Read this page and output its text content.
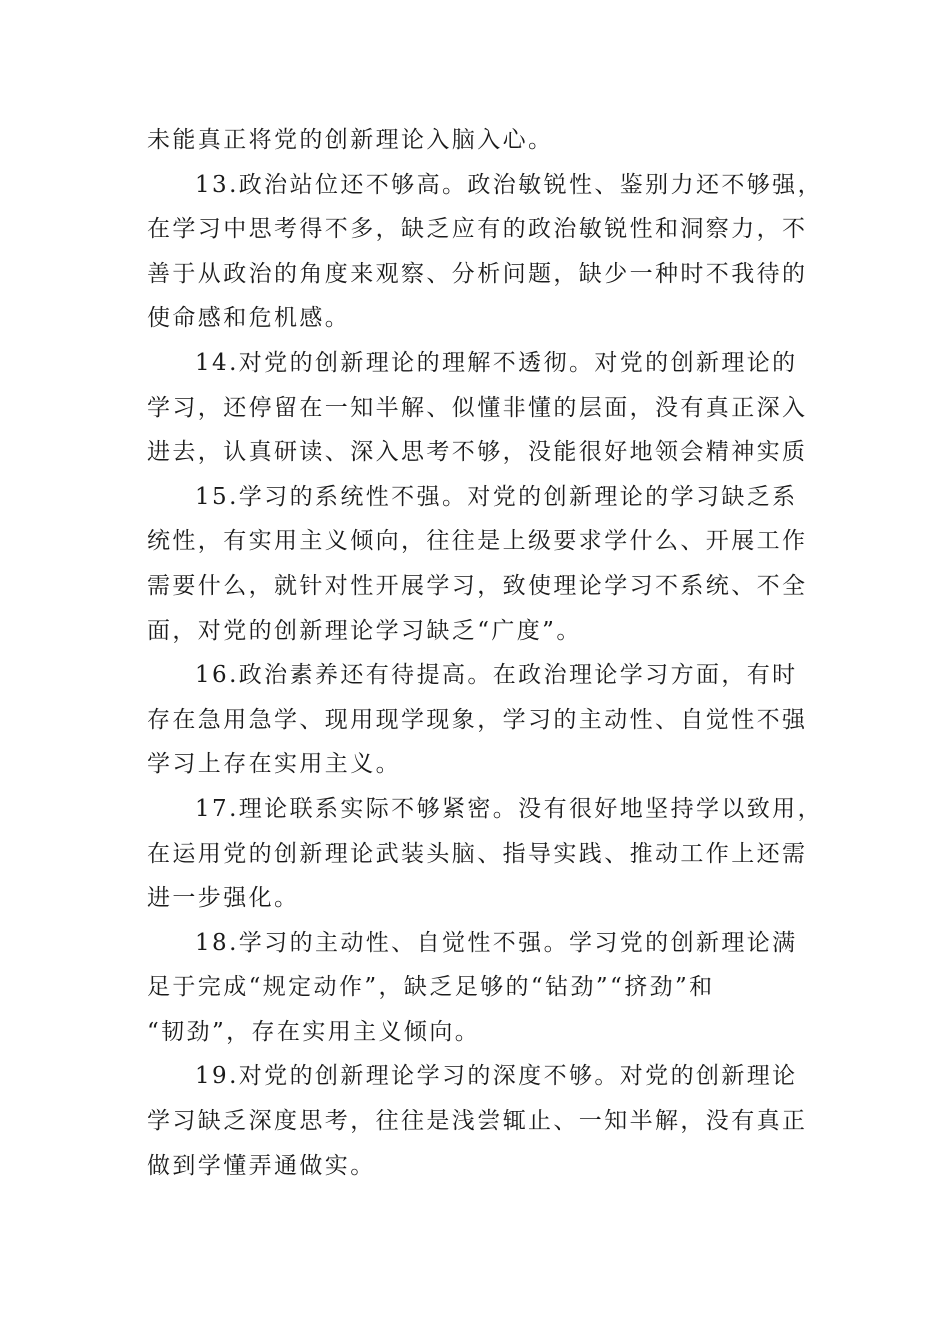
未能真正将党的创新理论入脑入心。

13.政治站位还不够高。政治敏锐性、鉴别力还不够强，
在学习中思考得不多，缺乏应有的政治敏锐性和洞察力，不
善于从政治的角度来观察、分析问题，缺少一种时不我待的
使命感和危机感。

14.对党的创新理论的理解不透彻。对党的创新理论的
学习，还停留在一知半解、似懂非懂的层面，没有真正深入
进去，认真研读、深入思考不够，没能很好地领会精神实质

15.学习的系统性不强。对党的创新理论的学习缺乏系
统性，有实用主义倾向，往往是上级要求学什么、开展工作
需要什么，就针对性开展学习，致使理论学习不系统、不全
面，对党的创新理论学习缺乏“广度”。

16.政治素养还有待提高。在政治理论学习方面，有时
存在急用急学、现用现学现象，学习的主动性、自觉性不强
学习上存在实用主义。

17.理论联系实际不够紧密。没有很好地坚持学以致用，
在运用党的创新理论武装头脑、指导实践、推动工作上还需
进一步强化。

18.学习的主动性、自觉性不强。学习党的创新理论满
足于完成“规定动作”，缺乏足够的“钻劲”“挤劲”和
“韧劲”，存在实用主义倾向。

19.对党的创新理论学习的深度不够。对党的创新理论
学习缺乏深度思考，往往是浅尝辄止、一知半解，没有真正
做到学懂弄通做实。
